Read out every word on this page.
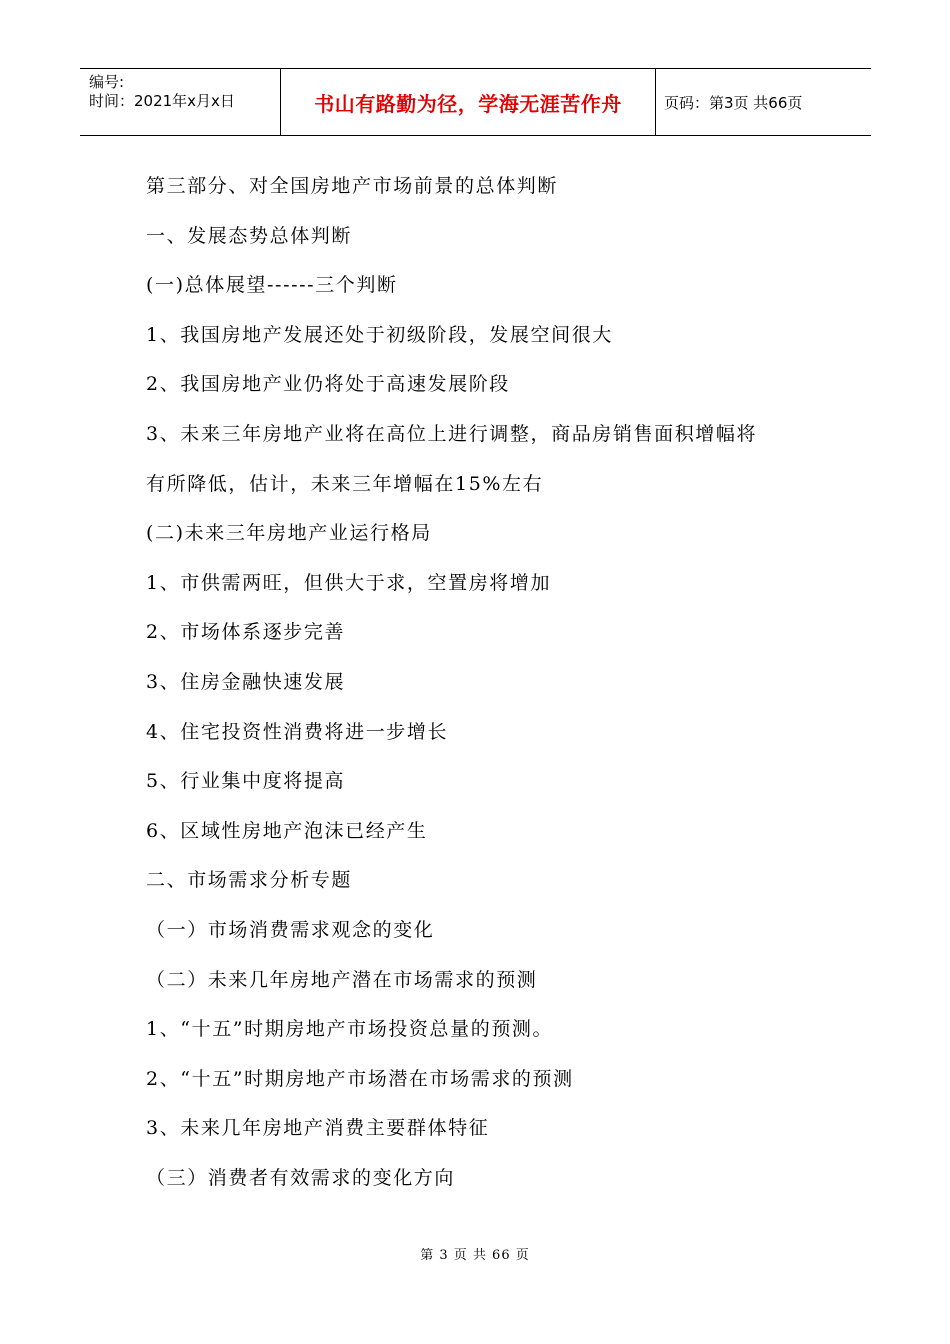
编号:
时间：2021年x月x日	书山有路勤为径，学海无涯苦作舟	页码：第3页 共66页
第三部分、对全国房地产市场前景的总体判断
一、发展态势总体判断
(一)总体展望------三个判断
1、我国房地产发展还处于初级阶段，发展空间很大
2、我国房地产业仍将处于高速发展阶段
3、未来三年房地产业将在高位上进行调整，商品房销售面积增幅将
有所降低，估计，未来三年增幅在15%左右
(二)未来三年房地产业运行格局
1、市供需两旺，但供大于求，空置房将增加
2、市场体系逐步完善
3、住房金融快速发展
4、住宅投资性消费将进一步增长
5、行业集中度将提高
6、区域性房地产泡沫已经产生
二、市场需求分析专题
（一）市场消费需求观念的变化
（二）未来几年房地产潜在市场需求的预测
1、“十五”时期房地产市场投资总量的预测。
2、“十五”时期房地产市场潜在市场需求的预测
3、未来几年房地产消费主要群体特征
（三）消费者有效需求的变化方向
第 3 页 共 66 页
